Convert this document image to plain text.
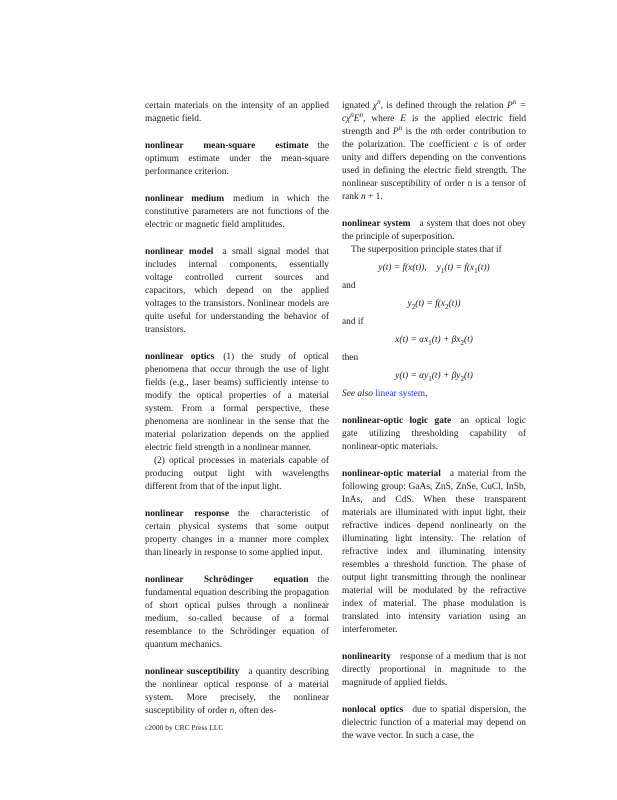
certain materials on the intensity of an applied magnetic field.

nonlinear mean-square estimate the optimum estimate under the mean-square performance criterion.

nonlinear medium medium in which the constitutive parameters are not functions of the electric or magnetic field amplitudes.

nonlinear model a small signal model that includes internal components, essentially voltage controlled current sources and capacitors, which depend on the applied voltages to the transistors. Nonlinear models are quite useful for understanding the behavior of transistors.

nonlinear optics (1) the study of optical phenomena that occur through the use of light fields (e.g., laser beams) sufficiently intense to modify the optical properties of a material system. From a formal perspective, these phenomena are nonlinear in the sense that the material polarization depends on the applied electric field strength in a nonlinear manner.

(2) optical processes in materials capable of producing output light with wavelengths different from that of the input light.

nonlinear response the characteristic of certain physical systems that some output property changes in a manner more complex than linearly in response to some applied input.

nonlinear Schrödinger equation the fundamental equation describing the propagation of short optical pulses through a nonlinear medium, so-called because of a formal resemblance to the Schrödinger equation of quantum mechanics.

nonlinear susceptibility a quantity describing the nonlinear optical response of a material system. More precisely, the nonlinear susceptibility of order n, often des-

ignated $\chi^n$, is defined through the relation $P^n = c\chi^nE^n$, where E is the applied electric field strength and $P^n$ is the nth order contribution to the polarization. The coefficient c is of order unity and differs depending on the conventions used in defining the electric field strength. The nonlinear susceptibility of order n is a tensor of rank n + 1.

nonlinear system a system that does not obey the principle of superposition.

The superposition principle states that if

y(t) = f(x(t)), $y_1(t) = f(x_1(t))$

and

$y_2(t) = f(x_2(t))$

and if

$x(t) = \alpha x_1(t) + \beta x_2(t)$

then

$y(t) = \alpha y_1(t) + \beta y_2(t)$

See also linear system.

nonlinear-optic logic gate an optical logic gate utilizing thresholding capability of nonlinear-optic materials.

nonlinear-optic material a material from the following group: GaAs, ZnS, ZnSe, CuCl, InSb, InAs, and CdS. When these transparent materials are illuminated with input light, their refractive indices depend nonlinearly on the illuminating light intensity. The relation of refractive index and illuminating intensity resembles a threshold function. The phase of output light transmitting through the nonlinear material will be modulated by the refractive index of material. The phase modulation is translated into intensity variation using an interferometer.

nonlinearity response of a medium that is not directly proportional in magnitude to the magnitude of applied fields.

nonlocal optics due to spatial dispersion, the dielectric function of a material may depend on the wave vector. In such a case, the

c2000 by CRC Press LLC
